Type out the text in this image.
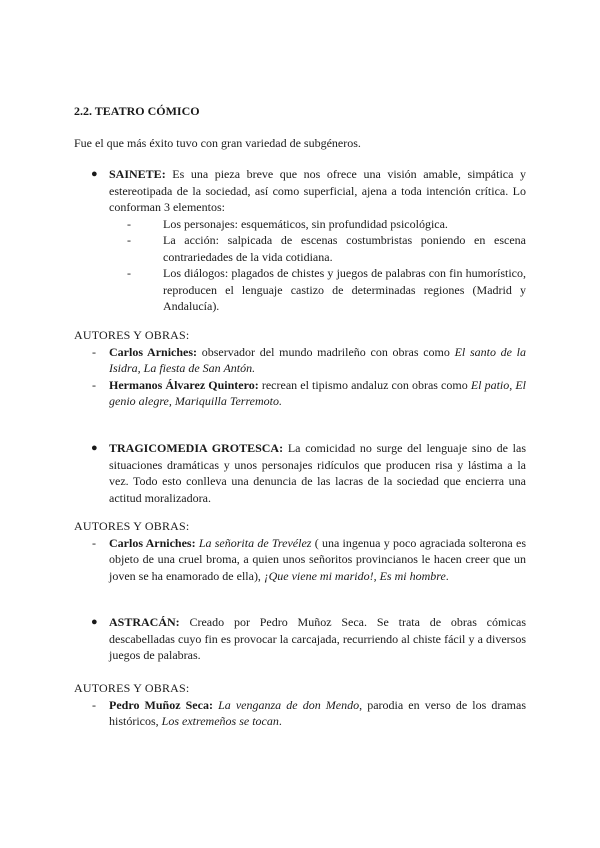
2.2. TEATRO CÓMICO
Fue el que más éxito tuvo con gran variedad de subgéneros.
● SAINETE: Es una pieza breve que nos ofrece una visión amable, simpática y estereotipada de la sociedad, así como superficial, ajena a toda intención crítica. Lo conforman 3 elementos:
-	Los personajes: esquemáticos, sin profundidad psicológica.
-	La acción: salpicada de escenas costumbristas poniendo en escena contrariedades de la vida cotidiana.
-	Los diálogos: plagados de chistes y juegos de palabras con fin humorístico, reproducen el lenguaje castizo de determinadas regiones (Madrid y Andalucía).
AUTORES Y OBRAS:
-	Carlos Arniches: observador del mundo madrileño con obras como El santo de la Isidra, La fiesta de San Antón.
-	Hermanos Álvarez Quintero: recrean el tipismo andaluz con obras como El patio, El genio alegre, Mariquilla Terremoto.
● TRAGICOMEDIA GROTESCA: La comicidad no surge del lenguaje sino de las situaciones dramáticas y unos personajes ridículos que producen risa y lástima a la vez. Todo esto conlleva una denuncia de las lacras de la sociedad que encierra una actitud moralizadora.
AUTORES Y OBRAS:
-	Carlos Arniches: La señorita de Trevélez ( una ingenua y poco agraciada solterona es objeto de una cruel broma, a quien unos señoritos provincianos le hacen creer que un joven se ha enamorado de ella), ¡Que viene mi marido!, Es mi hombre.
● ASTRACÁN: Creado por Pedro Muñoz Seca. Se trata de obras cómicas descabelladas cuyo fin es provocar la carcajada, recurriendo al chiste fácil y a diversos juegos de palabras.
AUTORES Y OBRAS:
-	Pedro Muñoz Seca: La venganza de don Mendo, parodia en verso de los dramas históricos, Los extremeños se tocan.
